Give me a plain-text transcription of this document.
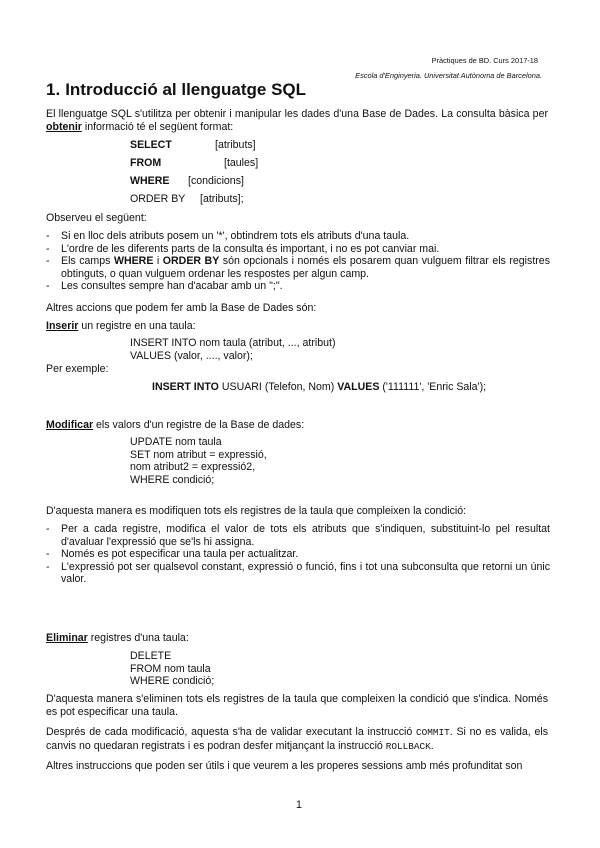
Pràctiques de BD. Curs 2017-18
Escola d'Enginyeria. Universitat Autònoma de Barcelona.
1. Introducció al llenguatge SQL
El llenguatge SQL s'utilitza per obtenir i manipular les dades d'una Base de Dades. La consulta bàsica per obtenir informació té el següent format:
SELECT	[atributs]
FROM	[taules]
WHERE	[condicions]
ORDER BY	[atributs];
Observeu el següent:
- Si en lloc dels atributs posem un '*', obtindrem tots els atributs d'una taula.
- L'ordre de les diferents parts de la consulta és important, i no es pot canviar mai.
- Els camps WHERE i ORDER BY són opcionals i només els posarem quan vulguem filtrar els registres obtinguts, o quan vulguem ordenar les respostes per algun camp.
- Les consultes sempre han d'acabar amb un ";".
Altres accions que podem fer amb la Base de Dades són:
Inserir un registre en una taula:
INSERT INTO nom taula (atribut, ..., atribut)
VALUES (valor, ...., valor);
Per exemple:
INSERT INTO USUARI (Telefon, Nom) VALUES ('111111', 'Enric Sala');
Modificar els valors d'un registre de la Base de dades:
UPDATE nom taula
SET nom atribut = expressió,
nom atribut2 = expressió2,
WHERE condició;
D'aquesta manera es modifiquen tots els registres de la taula que compleixen la condició:
- Per a cada registre, modifica el valor de tots els atributs que s'indiquen, substituint-lo pel resultat d'avaluar l'expressió que se'ls hi assigna.
- Només es pot especificar una taula per actualitzar.
- L'expressió pot ser qualsevol constant, expressió o funció, fins i tot una subconsulta que retorni un únic valor.
Eliminar registres d'una taula:
DELETE
FROM nom taula
WHERE condició;
D'aquesta manera s'eliminen tots els registres de la taula que compleixen la condició que s'indica. Només es pot especificar una taula.
Després de cada modificació, aquesta s'ha de validar executant la instrucció COMMIT. Si no es valida, els canvis no quedaran registrats i es podran desfer mitjançant la instrucció ROLLBACK.
Altres instruccions que poden ser útils i que veurem a les properes sessions amb més profunditat son
1
